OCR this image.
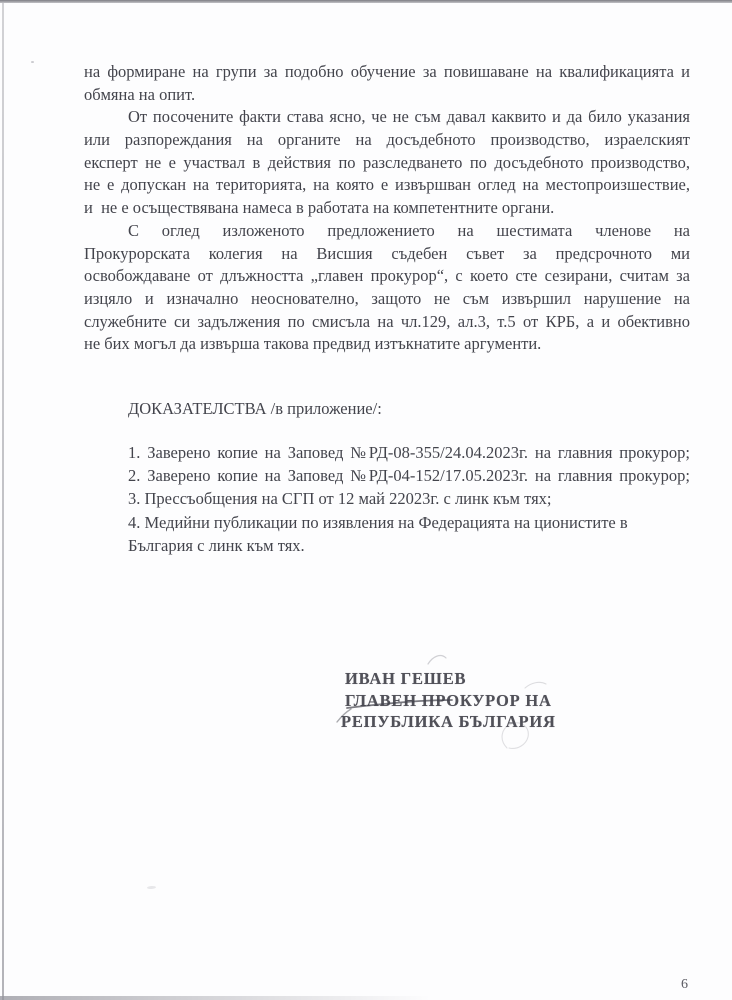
на формиране на групи за подобно обучение за повишаване на квалификацията и
обмяна на опит.
От посочените факти става ясно, че не съм давал каквито и да било указания
или разпореждания на органите на досъдебното производство, израелският
експерт не е участвал в действия по разследването по досъдебното производство,
не е допускан на територията, на която е извършван оглед на местопроизшествие,
и  не е осъществявана намеса в работата на компетентните органи.
С оглед изложеното предложението на шестимата членове на
Прокурорската колегия на Висшия съдебен съвет за предсрочното ми
освобождаване от длъжността „главен прокурор“, с което сте сезирани, считам за
изцяло и изначално неоснователно, защото не съм извършил нарушение на
служебните си задължения по смисъла на чл.129, ал.3, т.5 от КРБ, а и обективно
не бих могъл да извърша такова предвид изтъкнатите аргументи.
ДОКАЗАТЕЛСТВА /в приложение/:
1. Заверено копие на Заповед №РД-08-355/24.04.2023г. на главния прокурор;
2. Заверено копие на Заповед №РД-04-152/17.05.2023г. на главния прокурор;
3. Прессъобщения на СГП от 12 май 22023г. с линк към тях;
4. Медийни публикации по изявления на Федерацията на ционистите в
България с линк към тях.
ИВАН ГЕШЕВ
ГЛАВЕН ПРОКУРОР НА
РЕПУБЛИКА БЪЛГАРИЯ
6
